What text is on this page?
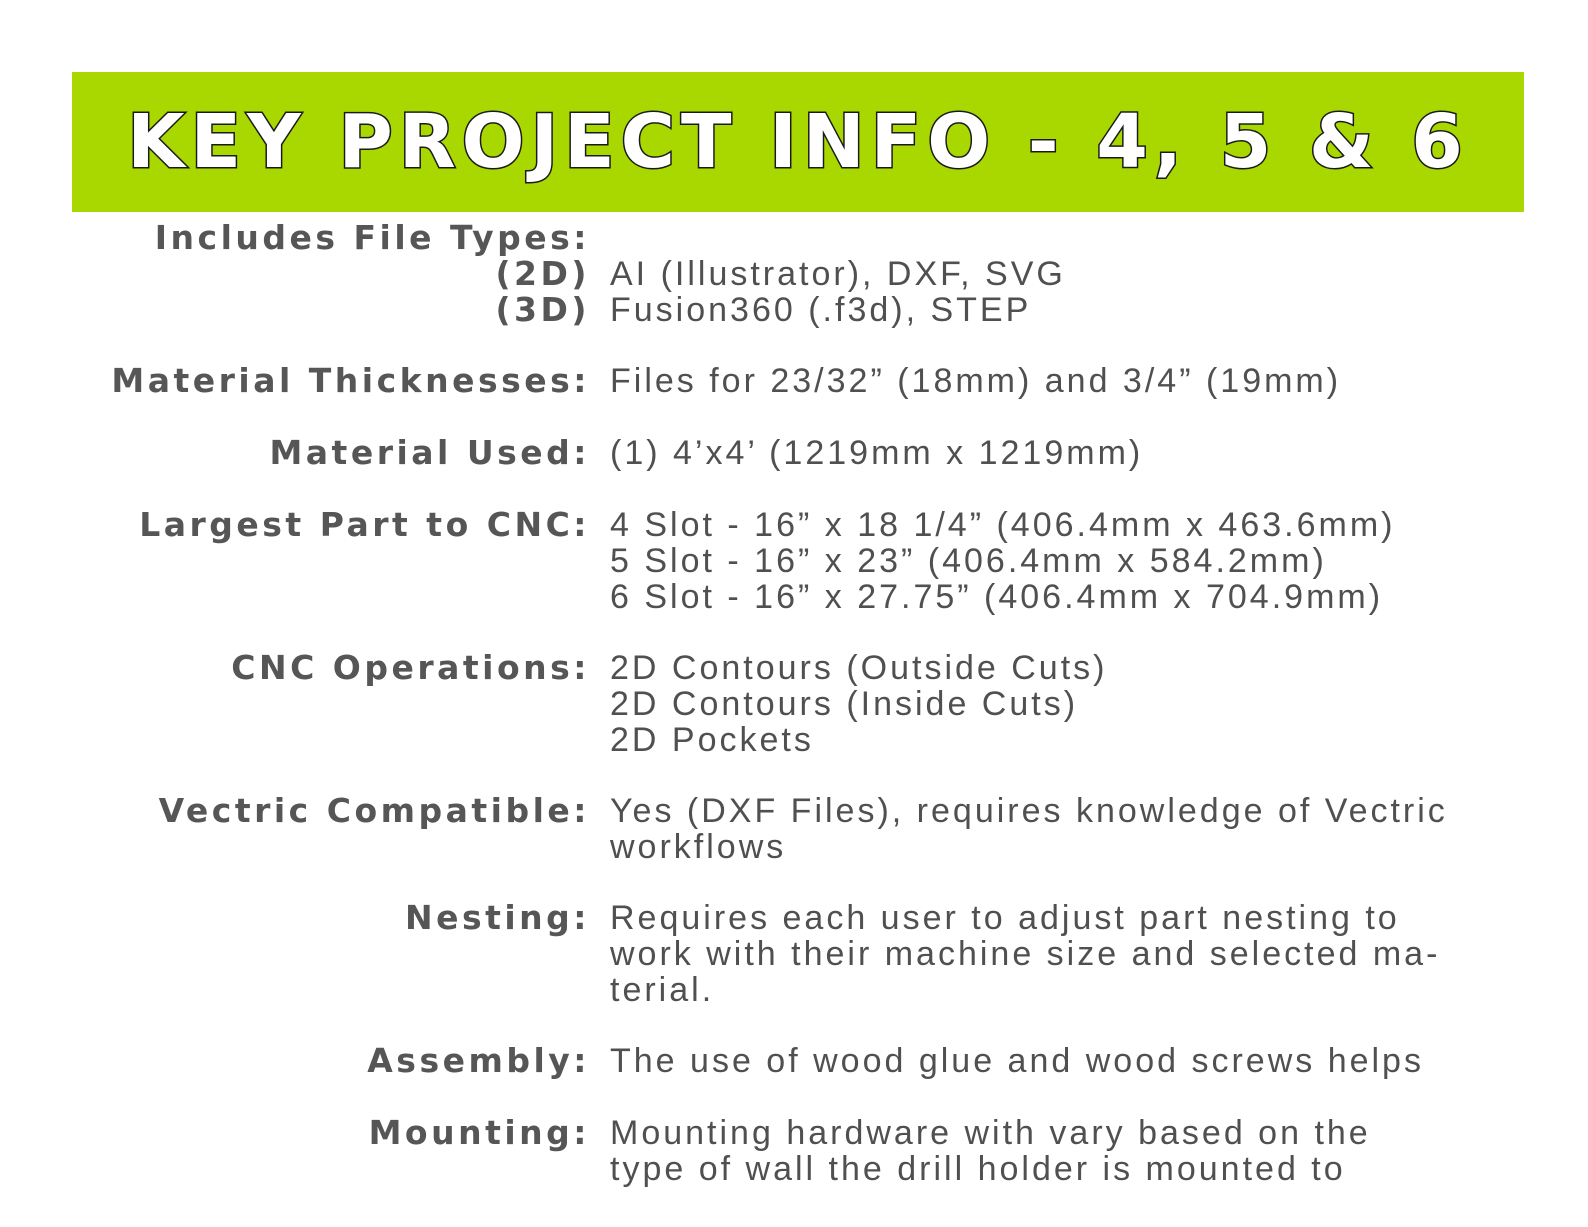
KEY PROJECT INFO - 4, 5 & 6
Includes File Types:
(2D) AI (Illustrator), DXF, SVG
(3D) Fusion360 (.f3d), STEP
Material Thicknesses: Files for 23/32” (18mm) and 3/4” (19mm)
Material Used: (1) 4’x4’ (1219mm x 1219mm)
Largest Part to CNC: 4 Slot - 16” x 18 1/4” (406.4mm x 463.6mm)
5 Slot - 16” x 23” (406.4mm x 584.2mm)
6 Slot - 16” x 27.75” (406.4mm x 704.9mm)
CNC Operations: 2D Contours (Outside Cuts)
2D Contours (Inside Cuts)
2D Pockets
Vectric Compatible: Yes (DXF Files), requires knowledge of Vectric
workflows
Nesting: Requires each user to adjust part nesting to
work with their machine size and selected ma-
terial.
Assembly: The use of wood glue and wood screws helps
Mounting: Mounting hardware with vary based on the
type of wall the drill holder is mounted to
